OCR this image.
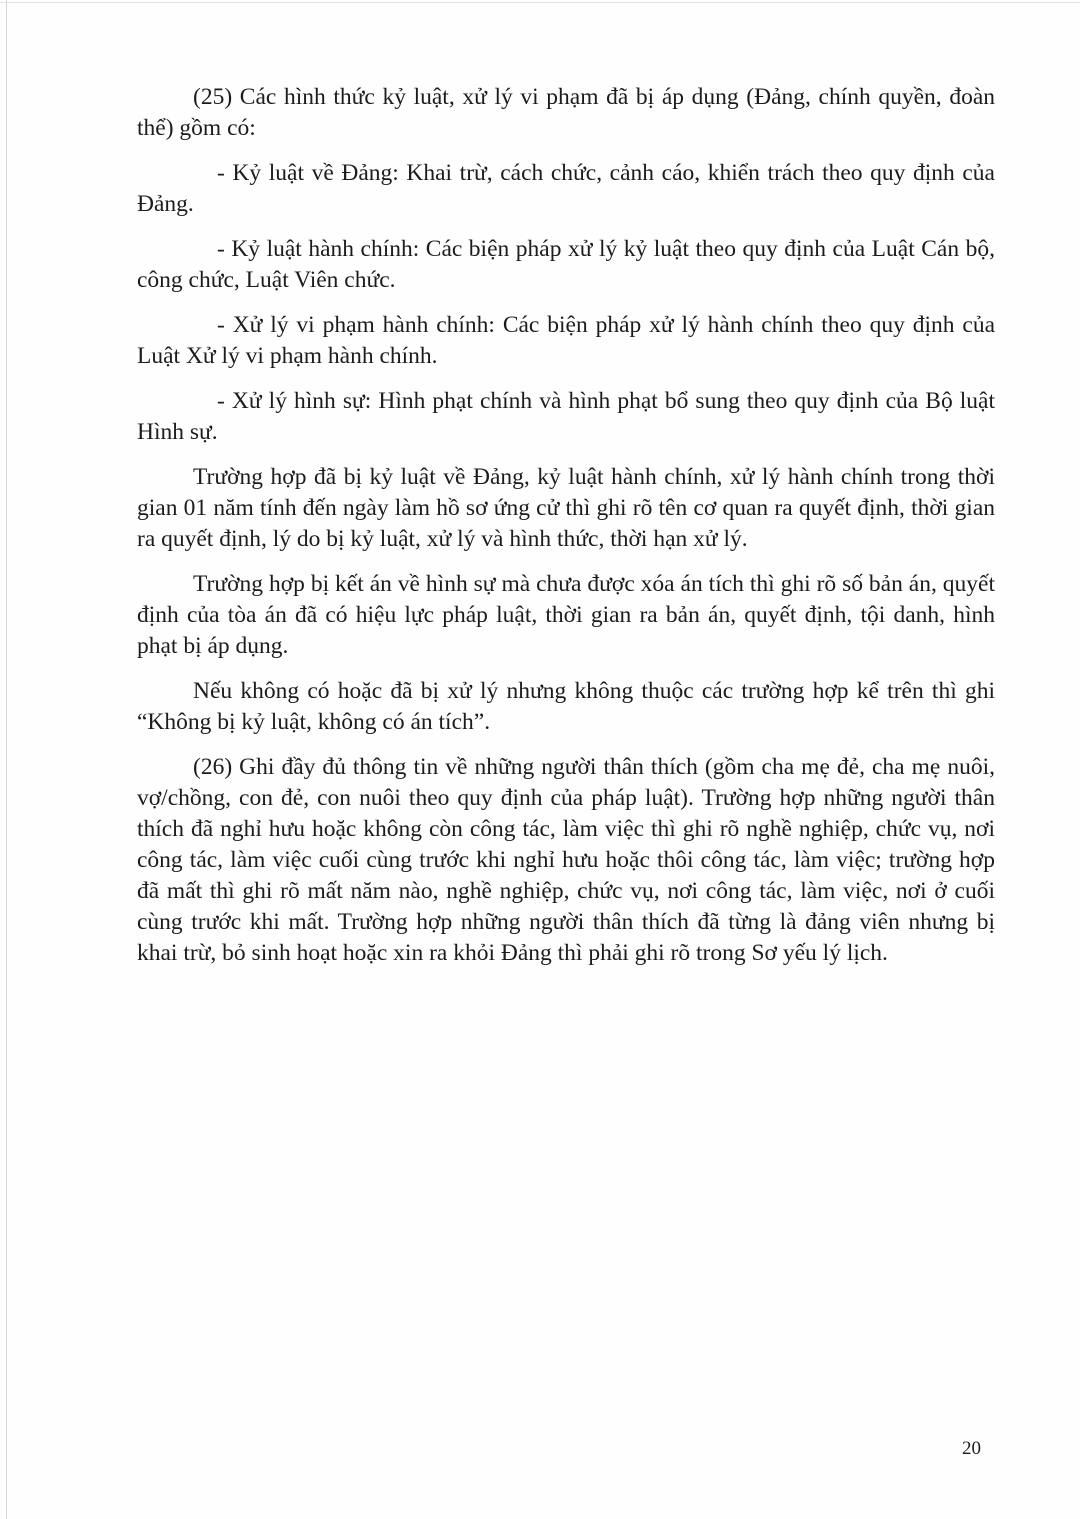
(25) Các hình thức kỷ luật, xử lý vi phạm đã bị áp dụng (Đảng, chính quyền, đoàn thể) gồm có:

- Kỷ luật về Đảng: Khai trừ, cách chức, cảnh cáo, khiển trách theo quy định của Đảng.

- Kỷ luật hành chính: Các biện pháp xử lý kỷ luật theo quy định của Luật Cán bộ, công chức, Luật Viên chức.

- Xử lý vi phạm hành chính: Các biện pháp xử lý hành chính theo quy định của Luật Xử lý vi phạm hành chính.

- Xử lý hình sự: Hình phạt chính và hình phạt bổ sung theo quy định của Bộ luật Hình sự.

Trường hợp đã bị kỷ luật về Đảng, kỷ luật hành chính, xử lý hành chính trong thời gian 01 năm tính đến ngày làm hồ sơ ứng cử thì ghi rõ tên cơ quan ra quyết định, thời gian ra quyết định, lý do bị kỷ luật, xử lý và hình thức, thời hạn xử lý.

Trường hợp bị kết án về hình sự mà chưa được xóa án tích thì ghi rõ số bản án, quyết định của tòa án đã có hiệu lực pháp luật, thời gian ra bản án, quyết định, tội danh, hình phạt bị áp dụng.

Nếu không có hoặc đã bị xử lý nhưng không thuộc các trường hợp kể trên thì ghi “Không bị kỷ luật, không có án tích”.

(26) Ghi đầy đủ thông tin về những người thân thích (gồm cha mẹ đẻ, cha mẹ nuôi, vợ/chồng, con đẻ, con nuôi theo quy định của pháp luật). Trường hợp những người thân thích đã nghỉ hưu hoặc không còn công tác, làm việc thì ghi rõ nghề nghiệp, chức vụ, nơi công tác, làm việc cuối cùng trước khi nghỉ hưu hoặc thôi công tác, làm việc; trường hợp đã mất thì ghi rõ mất năm nào, nghề nghiệp, chức vụ, nơi công tác, làm việc, nơi ở cuối cùng trước khi mất. Trường hợp những người thân thích đã từng là đảng viên nhưng bị khai trừ, bỏ sinh hoạt hoặc xin ra khỏi Đảng thì phải ghi rõ trong Sơ yếu lý lịch.

20
